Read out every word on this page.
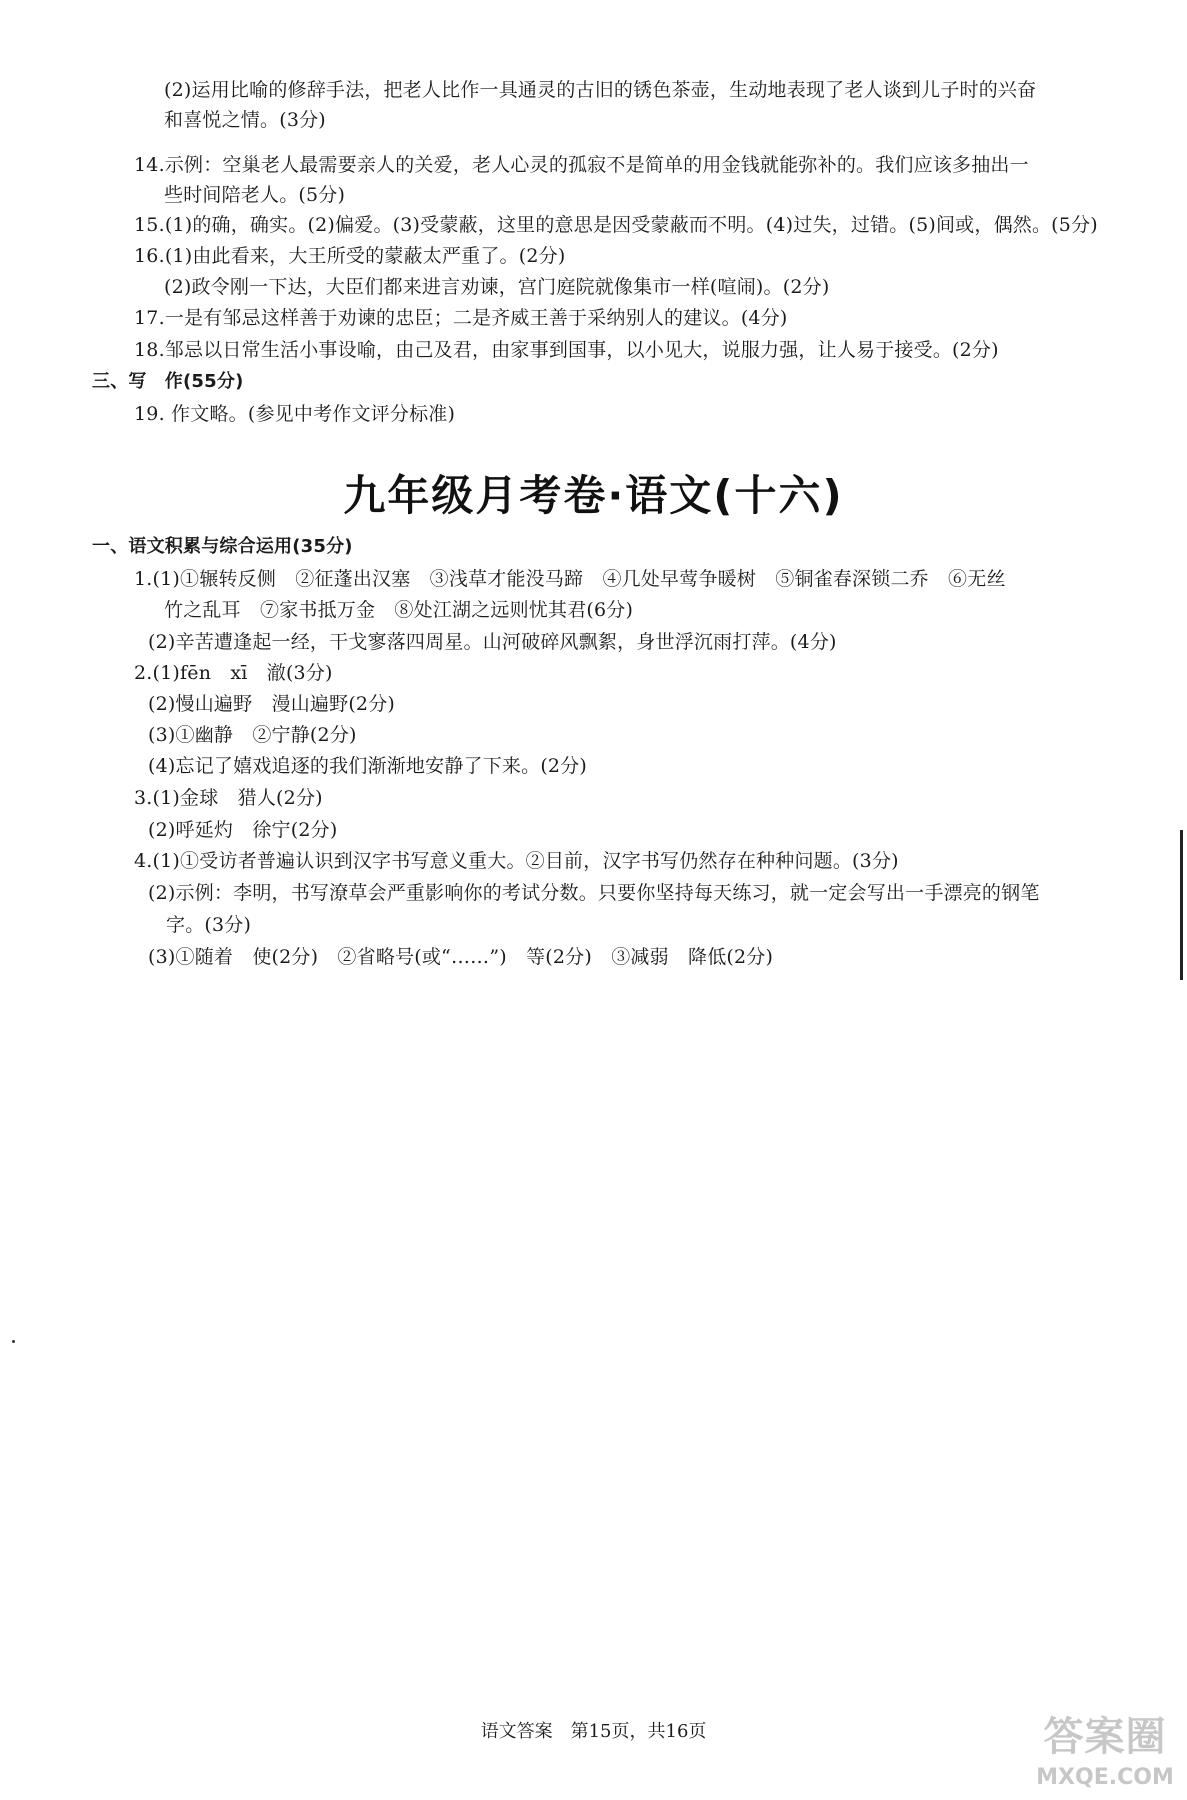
(2)运用比喻的修辞手法，把老人比作一具通灵的古旧的锈色茶壶，生动地表现了老人谈到儿子时的兴奋
和喜悦之情。(3分)
14.示例：空巢老人最需要亲人的关爱，老人心灵的孤寂不是简单的用金钱就能弥补的。我们应该多抽出一
些时间陪老人。(5分)
15.(1)的确，确实。(2)偏爱。(3)受蒙蔽，这里的意思是因受蒙蔽而不明。(4)过失，过错。(5)间或，偶然。(5分)
16.(1)由此看来，大王所受的蒙蔽太严重了。(2分)
(2)政令刚一下达，大臣们都来进言劝谏，宫门庭院就像集市一样(喧闹)。(2分)
17.一是有邹忌这样善于劝谏的忠臣；二是齐威王善于采纳别人的建议。(4分)
18.邹忌以日常生活小事设喻，由己及君，由家事到国事，以小见大，说服力强，让人易于接受。(2分)
三、写　作(55分)
19. 作文略。(参见中考作文评分标准)
九年级月考卷·语文(十六)
一、语文积累与综合运用(35分)
1.(1)①辗转反侧　②征蓬出汉塞　③浅草才能没马蹄　④几处早莺争暖树　⑤铜雀春深锁二乔　⑥无丝
竹之乱耳　⑦家书抵万金　⑧处江湖之远则忧其君(6分)
(2)辛苦遭逢起一经，干戈寥落四周星。山河破碎风飘絮，身世浮沉雨打萍。(4分)
2.(1)fēn　xī　澈(3分)
(2)慢山遍野　漫山遍野(2分)
(3)①幽静　②宁静(2分)
(4)忘记了嬉戏追逐的我们渐渐地安静了下来。(2分)
3.(1)金球　猎人(2分)
(2)呼延灼　徐宁(2分)
4.(1)①受访者普遍认识到汉字书写意义重大。②目前，汉字书写仍然存在种种问题。(3分)
(2)示例：李明，书写潦草会严重影响你的考试分数。只要你坚持每天练习，就一定会写出一手漂亮的钢笔
字。(3分)
(3)①随着　使(2分)　②省略号(或“……”)　等(2分)　③减弱　降低(2分)
语文答案　第15页，共16页	答案圈
MXQE.COM
